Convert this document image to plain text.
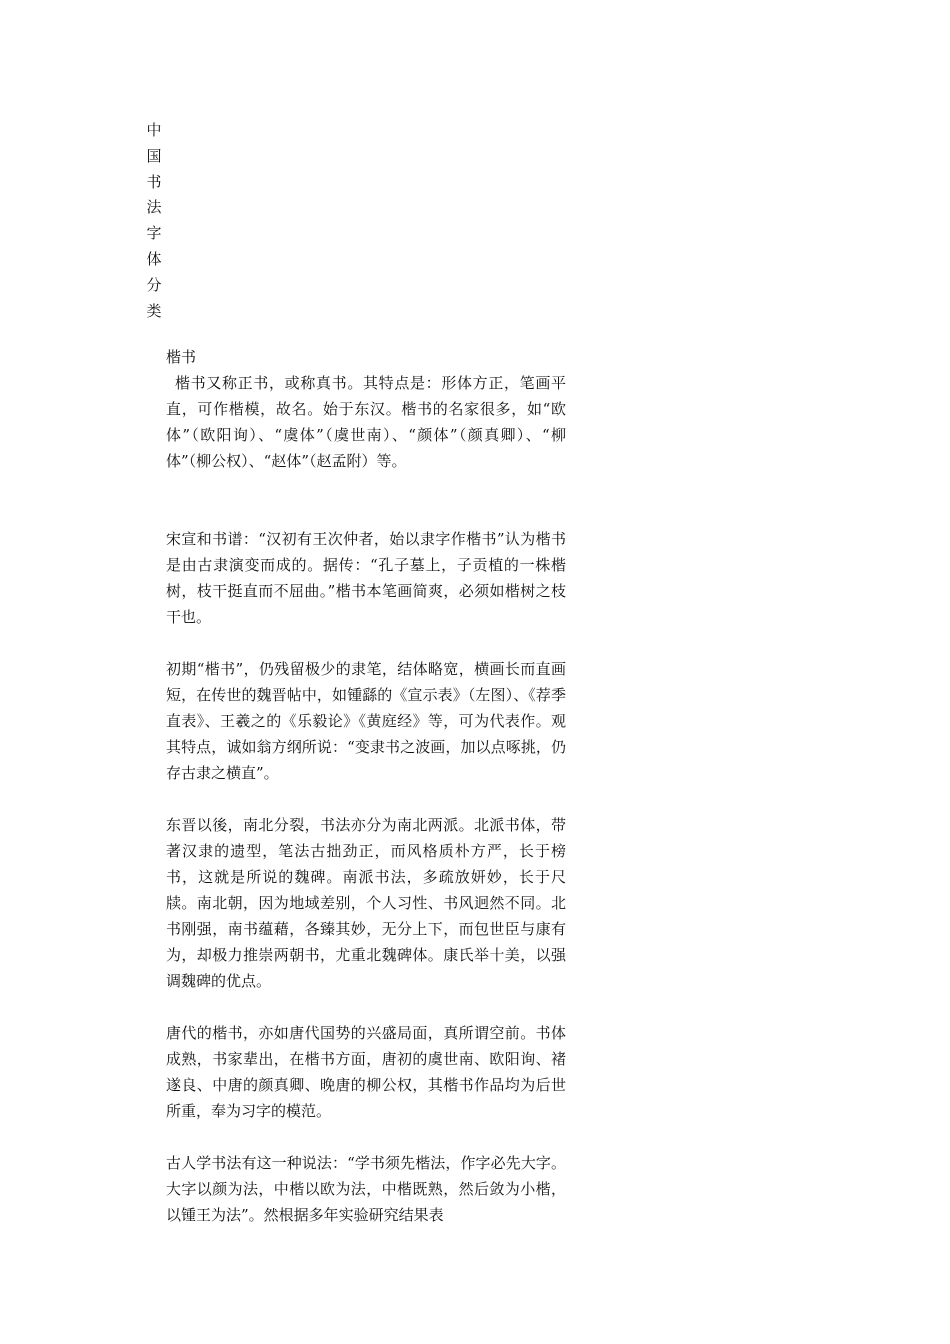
中
国
书
法
字
体
分
类
楷书

楷书又称正书，或称真书。其特点是：形体方正，笔画平直，可作楷模，故名。始于东汉。楷书的名家很多，如“欧体”（欧阳询）、“虞体”（虞世南）、“颜体”（颜真卿）、“柳体”（柳公权）、“赵体”（赵孟附）等。

宋宣和书谱：“汉初有王次仲者，始以隶字作楷书”认为楷书是由古隶演变而成的。据传：“孔子墓上，子贡植的一株楷树，枝干挺直而不屈曲。”楷书本笔画简爽，必须如楷树之枝干也。

初期“楷书”，仍残留极少的隶笔，结体略宽，横画长而直画短，在传世的魏晋帖中，如锺繇的《宣示表》（左图）、《荐季直表》、王羲之的《乐毅论》《黄庭经》等，可为代表作。观其特点，诚如翁方纲所说：“变隶书之波画，加以点啄挑，仍存古隶之横直”。

东晋以後，南北分裂，书法亦分为南北两派。北派书体，带著汉隶的遗型，笔法古拙劲正，而风格质朴方严，长于榜书，这就是所说的魏碑。南派书法，多疏放妍妙，长于尺牍。南北朝，因为地域差别，个人习性、书风迥然不同。北书刚强，南书蕴藉，各臻其妙，无分上下，而包世臣与康有为，却极力推崇两朝书，尤重北魏碑体。康氏举十美，以强调魏碑的优点。

唐代的楷书，亦如唐代国势的兴盛局面，真所谓空前。书体成熟，书家辈出，在楷书方面，唐初的虞世南、欧阳询、褚遂良、中唐的颜真卿、晚唐的柳公权，其楷书作品均为后世所重，奉为习字的模范。

古人学书法有这一种说法：“学书须先楷法，作字必先大字。大字以颜为法，中楷以欧为法，中楷既熟，然后敛为小楷，以锺王为法”。然根据多年实验研究结果表
